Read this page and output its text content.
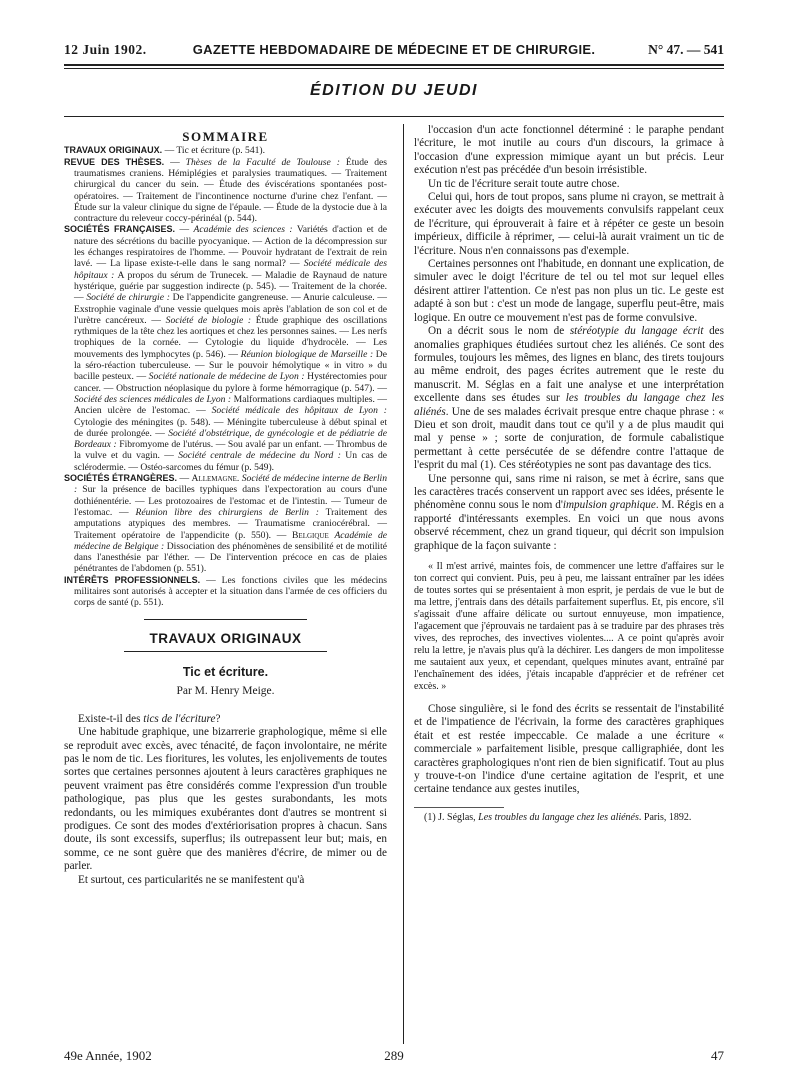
12 Juin 1902.	GAZETTE HEBDOMADAIRE DE MÉDECINE ET DE CHIRURGIE.	N° 47. — 541
ÉDITION DU JEUDI
SOMMAIRE

TRAVAUX ORIGINAUX. — Tic et écriture (p. 541).

REVUE DES THÈSES. — Thèses de la Faculté de Toulouse : Étude des traumatismes craniens. Hémiplégies et paralysies traumatiques. — Traitement chirurgical du cancer du sein. — Étude des éviscérations spontanées post-opératoires. — Traitement de l'incontinence nocturne d'urine chez l'enfant. — Étude sur la valeur clinique du signe de l'épaule. — Étude de la dystocie due à la contracture du releveur coccy-périnéal (p. 544).

SOCIÉTÉS FRANÇAISES. — Académie des sciences : Variétés d'action et de nature des sécrétions du bacille pyocyanique. — Action de la décompression sur les échanges respiratoires de l'homme. — Pouvoir hydratant de l'extrait de rein lavé. — La lipase existe-t-elle dans le sang normal? — Société médicale des hôpitaux : A propos du sérum de Trunecek. — Maladie de Raynaud de nature hystérique, guérie par suggestion indirecte (p. 545). — Traitement de la chorée. — Société de chirurgie : De l'appendicite gangreneuse. — Anurie calculeuse. — Exstrophie vaginale d'une vessie quelques mois après l'ablation de son col et de l'urètre cancéreux. — Société de biologie : Étude graphique des oscillations rythmiques de la tête chez les aortiques et chez les personnes saines. — Les nerfs trophiques de la cornée. — Cytologie du liquide d'hydrocèle. — Les mouvements des lymphocytes (p. 546). — Réunion biologique de Marseille : De la séro-réaction tuberculeuse. — Sur le pouvoir hémolytique « in vitro » du bacille pesteux. — Société nationale de médecine de Lyon : Hystérectomies pour cancer. — Obstruction néoplasique du pylore à forme hémorragique (p. 547). — Société des sciences médicales de Lyon : Malformations cardiaques multiples. — Ancien ulcère de l'estomac. — Société médicale des hôpitaux de Lyon : Cytologie des méningites (p. 548). — Méningite tuberculeuse à début spinal et de durée prolongée. — Société d'obstétrique, de gynécologie et de pédiatrie de Bordeaux : Fibromyome de l'utérus. — Sou avalé par un enfant. — Thrombus de la vulve et du vagin. — Société centrale de médecine du Nord : Un cas de sclérodermie. — Ostéo-sarcomes du fémur (p. 549).

SOCIÉTÉS ÉTRANGÈRES. — Allemagne. Société de médecine interne de Berlin : Sur la présence de bacilles typhiques dans l'expectoration au cours d'une dothiénentérie. — Les protozoaires de l'estomac et de l'intestin. — Tumeur de l'estomac. — Réunion libre des chirurgiens de Berlin : Traitement des amputations atypiques des membres. — Traumatisme craniocérébral. — Traitement opératoire de l'appendicite (p. 550). — Belgique Académie de médecine de Belgique : Dissociation des phénomènes de sensibilité et de motilité dans l'anesthésie par l'éther. — De l'intervention précoce en cas de plaies pénétrantes de l'abdomen (p. 551).

INTÉRÊTS PROFESSIONNELS. — Les fonctions civiles que les médecins militaires sont autorisés à accepter et la situation dans l'armée de ces officiers du corps de santé (p. 551).

TRAVAUX ORIGINAUX
Tic et écriture.
Par M. Henry Meige.

Existe-t-il des tics de l'écriture?

Une habitude graphique, une bizarrerie graphologique, même si elle se reproduit avec excès, avec ténacité, de façon involontaire, ne mérite pas le nom de tic. Les fioritures, les volutes, les enjolivements de toutes sortes que certaines personnes ajoutent à leurs caractères graphiques ne peuvent vraiment pas être considérés comme l'expression d'un trouble pathologique, pas plus que les gestes surabondants, les mots redondants, ou les mimiques exubérantes dont d'autres se montrent si prodigues. Ce sont des modes d'extériorisation propres à chacun. Sans doute, ils sont excessifs, superflus; ils outrepassent leur but; mais, en somme, ce ne sont guère que des manières d'écrire, de mimer ou de parler.

Et surtout, ces particularités ne se manifestent qu'à

l'occasion d'un acte fonctionnel déterminé : le paraphe pendant l'écriture, le mot inutile au cours d'un discours, la grimace à l'occasion d'une expression mimique ayant un but précis. Leur exécution n'est pas précédée d'un besoin irrésistible.

Un tic de l'écriture serait toute autre chose.

Celui qui, hors de tout propos, sans plume ni crayon, se mettrait à exécuter avec les doigts des mouvements convulsifs rappelant ceux de l'écriture, qui éprouverait à faire et à répéter ce geste un besoin impérieux, difficile à réprimer, — celui-là aurait vraiment un tic de l'écriture. Nous n'en connaissons pas d'exemple.

Certaines personnes ont l'habitude, en donnant une explication, de simuler avec le doigt l'écriture de tel ou tel mot sur lequel elles désirent attirer l'attention. Ce n'est pas non plus un tic. Le geste est adapté à son but : c'est un mode de langage, superflu peut-être, mais logique. En outre ce mouvement n'est pas de forme convulsive.

On a décrit sous le nom de stéréotypie du langage écrit des anomalies graphiques étudiées surtout chez les aliénés. Ce sont des formules, toujours les mêmes, des lignes en blanc, des tirets toujours au même endroit, des pages écrites autrement que le reste du manuscrit. M. Séglas en a fait une analyse et une interprétation excellente dans ses études sur les troubles du langage chez les aliénés. Une de ses malades écrivait presque entre chaque phrase : « Dieu et son droit, maudit dans tout ce qu'il y a de plus maudit qui mal y pense » ; sorte de conjuration, de formule cabalistique permettant à cette persécutée de se défendre contre l'attaque de l'esprit du mal (1). Ces stéréotypies ne sont pas davantage des tics.

Une personne qui, sans rime ni raison, se met à écrire, sans que les caractères tracés conservent un rapport avec ses idées, présente le phénomène connu sous le nom d'impulsion graphique. M. Régis en a rapporté d'intéressants exemples. En voici un que nous avons observé récemment, chez un grand tiqueur, qui décrit son impulsion graphique de la façon suivante :

« Il m'est arrivé, maintes fois, de commencer une lettre d'affaires sur le ton correct qui convient. Puis, peu à peu, me laissant entraîner par les idées de toutes sortes qui se présentaient à mon esprit, je perdais de vue le but de ma lettre, j'entrais dans des détails parfaitement superflus. Et, pis encore, s'il s'agissait d'une affaire délicate ou surtout ennuyeuse, mon impatience, l'agacement que j'éprouvais ne tardaient pas à se traduire par des phrases très vives, des reproches, des invectives violentes.... A ce point qu'après avoir relu la lettre, je n'avais plus qu'à la déchirer. Les dangers de mon impolitesse me sautaient aux yeux, et cependant, quelques minutes avant, entraîné par l'enchaînement des idées, j'étais incapable d'apprécier et de refréner cet excès. »

Chose singulière, si le fond des écrits se ressentait de l'instabilité et de l'impatience de l'écrivain, la forme des caractères graphiques était et est restée impeccable. Ce malade a une écriture « commerciale » parfaitement lisible, presque calligraphiée, dont les caractères graphologiques n'ont rien de bien significatif. Tout au plus y trouve-t-on l'indice d'une certaine agitation de l'esprit, et une certaine tendance aux gestes inutiles,

(1) J. Séglas, Les troubles du langage chez les aliénés. Paris, 1892.

49e Année, 1902	289	47
